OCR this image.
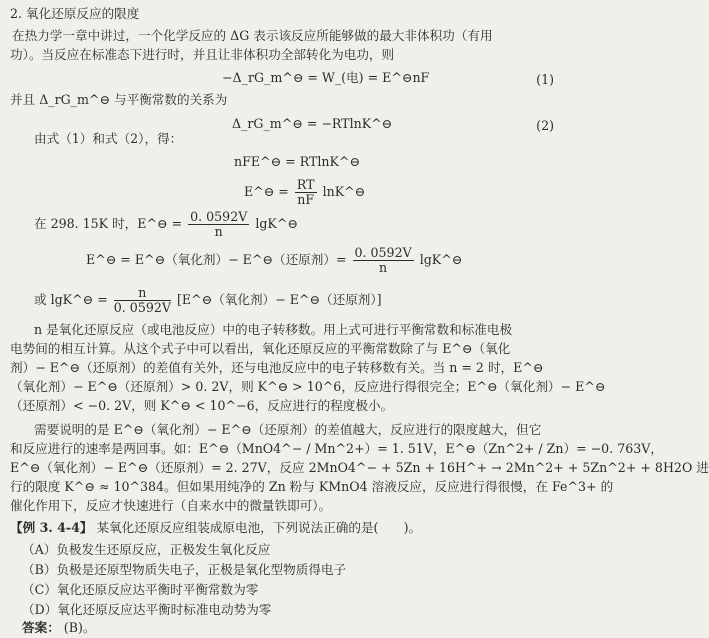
2. 氧化还原反应的限度
在热力学一章中讲过，一个化学反应的 ΔG 表示该反应所能够做的最大非体积功（有用
功）。当反应在标准态下进行时，并且让非体积功全部转化为电功，则
−Δ_rG_m^⊖ = W_(电) = E^⊖nF	(1)
并且 Δ_rG_m^⊖ 与平衡常数的关系为
Δ_rG_m^⊖ = −RTlnK^⊖	(2)
由式（1）和式（2），得：
nFE^⊖ = RTlnK^⊖
E^⊖ = $\frac{RT}{nF}$ lnK^⊖
在 298. 15K 时，E^⊖ = $\frac{0. 0592V}{n}$ lgK^⊖
E^⊖ = E^⊖（氧化剂）− E^⊖（还原剂）= $\frac{0. 0592V}{n}$ lgK^⊖
或 lgK^⊖ = $\frac{n}{0. 0592V}$ [E^⊖（氧化剂）− E^⊖（还原剂）]
n 是氧化还原反应（或电池反应）中的电子转移数。用上式可进行平衡常数和标准电极
电势间的相互计算。从这个式子中可以看出，氧化还原反应的平衡常数除了与 E^⊖（氧化
剂）− E^⊖（还原剂）的差值有关外，还与电池反应中的电子转移数有关。当 n = 2 时，E^⊖
（氧化剂）− E^⊖（还原剂）> 0. 2V，则 K^⊖ > 10^6，反应进行得很完全；E^⊖（氧化剂）− E^⊖
（还原剂）< −0. 2V，则 K^⊖ < 10^−6，反应进行的程度极小。
需要说明的是 E^⊖（氧化剂）− E^⊖（还原剂）的差值越大，反应进行的限度越大，但它
和反应进行的速率是两回事。如：E^⊖（MnO4^− / Mn^2+）= 1. 51V，E^⊖（Zn^2+ / Zn）= −0. 763V，
E^⊖（氧化剂）− E^⊖（还原剂）= 2. 27V，反应 2MnO4^− + 5Zn + 16H^+ → 2Mn^2+ + 5Zn^2+ + 8H2O 进
行的限度 K^⊖ ≈ 10^384。但如果用纯净的 Zn 粉与 KMnO4 溶液反应，反应进行得很慢，在 Fe^3+ 的
催化作用下，反应才快速进行（自来水中的微量铁即可）。
【例 3. 4-4】 某氧化还原反应组装成原电池，下列说法正确的是(　　)。
（A）负极发生还原反应，正极发生氧化反应
（B）负极是还原型物质失电子，正极是氧化型物质得电子
（C）氧化还原反应达平衡时平衡常数为零
（D）氧化还原反应达平衡时标准电动势为零
答案： (B)。
